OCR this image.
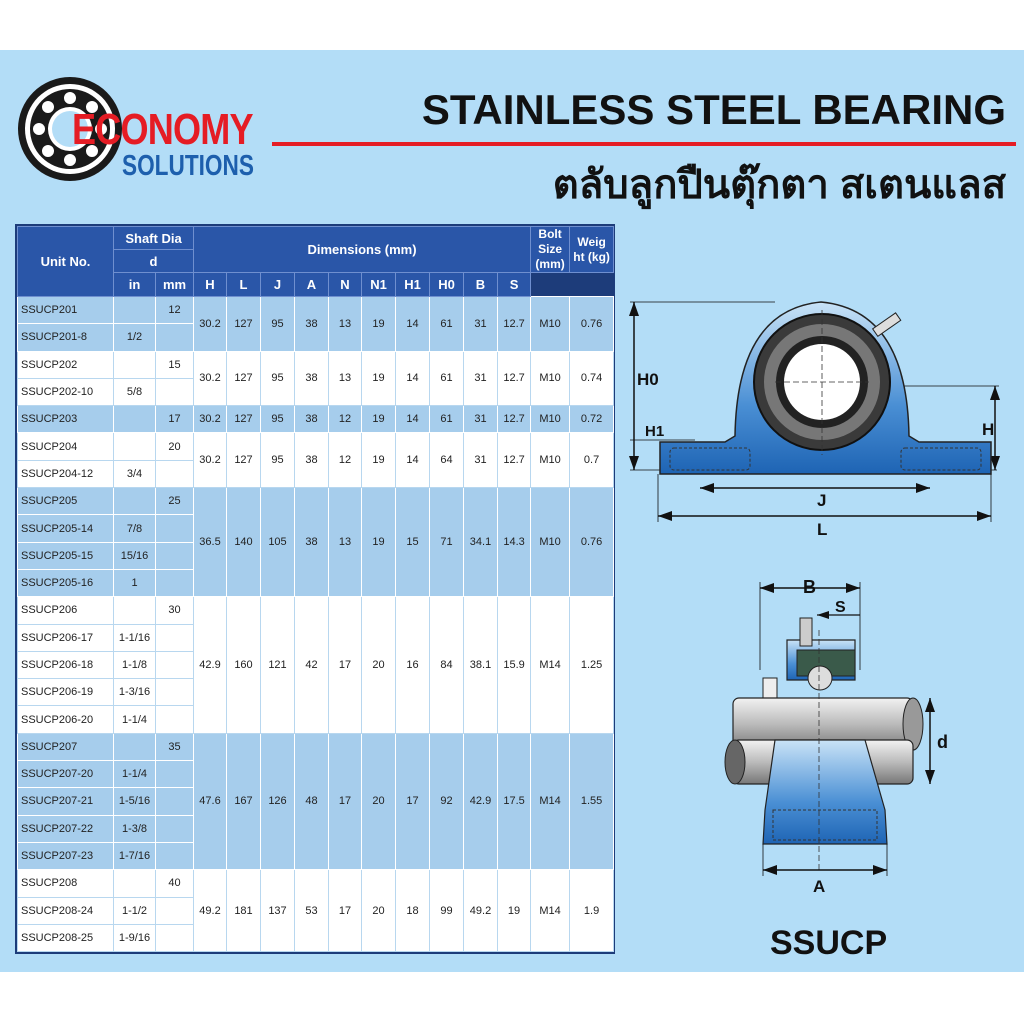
ECONOMY
SOLUTIONS
STAINLESS STEEL BEARING
ตลับลูกปืนตุ๊กตา สเตนแลส
Unit No.	Shaft Dia		Dimensions (mm)										Bolt Size (mm)	Weig ht (kg)
	d													
	in	mm	H	L	J	A	N	N1	H1	H0	B	S		
SSUCP201		12	30.2	127	95	38	13	19	14	61	31	12.7	M10	0.76
SSUCP201-8	1/2													
SSUCP202		15	30.2	127	95	38	13	19	14	61	31	12.7	M10	0.74
SSUCP202-10	5/8													
SSUCP203		17	30.2	127	95	38	12	19	14	61	31	12.7	M10	0.72
SSUCP204		20	30.2	127	95	38	12	19	14	64	31	12.7	M10	0.7
SSUCP204-12	3/4													
SSUCP205		25	36.5	140	105	38	13	19	15	71	34.1	14.3	M10	0.76
SSUCP205-14	7/8													
SSUCP205-15	15/16													
SSUCP205-16	1													
SSUCP206		30	42.9	160	121	42	17	20	16	84	38.1	15.9	M14	1.25
SSUCP206-17	1-1/16													
SSUCP206-18	1-1/8													
SSUCP206-19	1-3/16													
SSUCP206-20	1-1/4													
SSUCP207		35	47.6	167	126	48	17	20	17	92	42.9	17.5	M14	1.55
SSUCP207-20	1-1/4													
SSUCP207-21	1-5/16													
SSUCP207-22	1-3/8													
SSUCP207-23	1-7/16													
SSUCP208		40	49.2	181	137	53	17	20	18	99	49.2	19	M14	1.9
SSUCP208-24	1-1/2													
SSUCP208-25	1-9/16													
H0
H1	H
J
L
B
S
d
A
SSUCP
